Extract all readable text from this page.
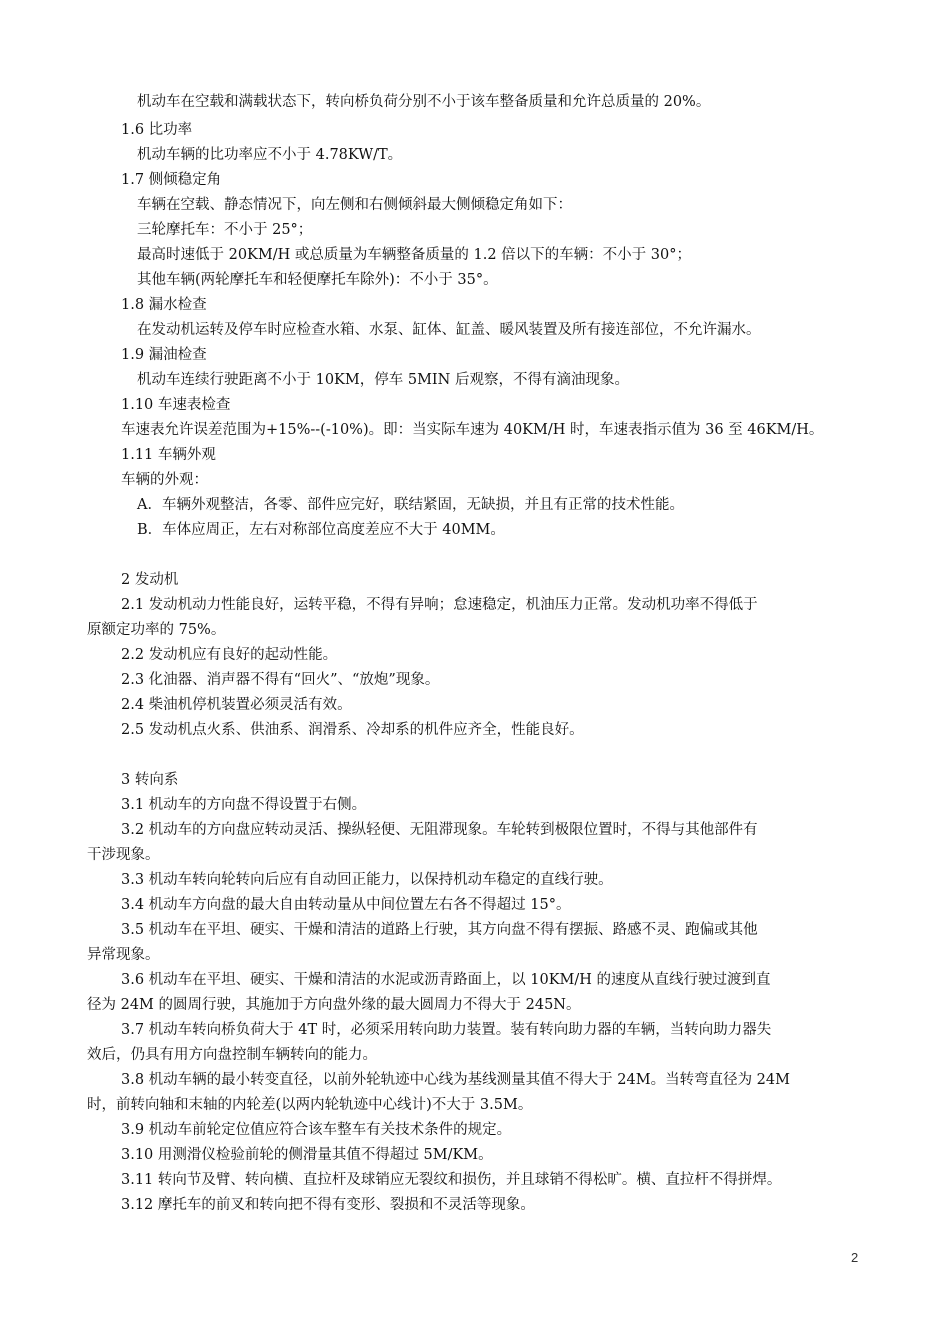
机动车在空载和满载状态下，转向桥负荷分别不小于该车整备质量和允许总质量的 20%。
1.6 比功率
机动车辆的比功率应不小于 4.78KW/T。
1.7 侧倾稳定角
车辆在空载、静态情况下，向左侧和右侧倾斜最大侧倾稳定角如下：
三轮摩托车：不小于 25°；
最高时速低于 20KM/H 或总质量为车辆整备质量的 1.2 倍以下的车辆：不小于 30°；
其他车辆(两轮摩托车和轻便摩托车除外)：不小于 35°。
1.8 漏水检查
在发动机运转及停车时应检查水箱、水泵、缸体、缸盖、暖风装置及所有接连部位，不允许漏水。
1.9 漏油检查
机动车连续行驶距离不小于 10KM，停车 5MIN 后观察，不得有滴油现象。
1.10 车速表检查
车速表允许误差范围为+15%--(-10%)。即：当实际车速为 40KM/H 时，车速表指示值为 36 至 46KM/H。
1.11 车辆外观
车辆的外观：
A．车辆外观整洁，各零、部件应完好，联结紧固，无缺损，并且有正常的技术性能。
B．车体应周正，左右对称部位高度差应不大于 40MM。
2 发动机
2.1 发动机动力性能良好，运转平稳，不得有异响；怠速稳定，机油压力正常。发动机功率不得低于
原额定功率的 75%。
2.2 发动机应有良好的起动性能。
2.3 化油器、消声器不得有“回火”、“放炮”现象。
2.4 柴油机停机装置必须灵活有效。
2.5 发动机点火系、供油系、润滑系、冷却系的机件应齐全，性能良好。
3 转向系
3.1 机动车的方向盘不得设置于右侧。
3.2 机动车的方向盘应转动灵活、操纵轻便、无阻滞现象。车轮转到极限位置时，不得与其他部件有
干涉现象。
3.3 机动车转向轮转向后应有自动回正能力，以保持机动车稳定的直线行驶。
3.4 机动车方向盘的最大自由转动量从中间位置左右各不得超过 15°。
3.5 机动车在平坦、硬实、干燥和清洁的道路上行驶，其方向盘不得有摆振、路感不灵、跑偏或其他
异常现象。
3.6 机动车在平坦、硬实、干燥和清洁的水泥或沥青路面上，以 10KM/H 的速度从直线行驶过渡到直
径为 24M 的圆周行驶，其施加于方向盘外缘的最大圆周力不得大于 245N。
3.7 机动车转向桥负荷大于 4T 时，必须采用转向助力装置。装有转向助力器的车辆，当转向助力器失
效后，仍具有用方向盘控制车辆转向的能力。
3.8 机动车辆的最小转变直径，以前外轮轨迹中心线为基线测量其值不得大于 24M。当转弯直径为 24M
时，前转向轴和末轴的内轮差(以两内轮轨迹中心线计)不大于 3.5M。
3.9 机动车前轮定位值应符合该车整车有关技术条件的规定。
3.10 用测滑仪检验前轮的侧滑量其值不得超过 5M/KM。
3.11 转向节及臂、转向横、直拉杆及球销应无裂纹和损伤，并且球销不得松旷。横、直拉杆不得拼焊。
3.12 摩托车的前叉和转向把不得有变形、裂损和不灵活等现象。
2
